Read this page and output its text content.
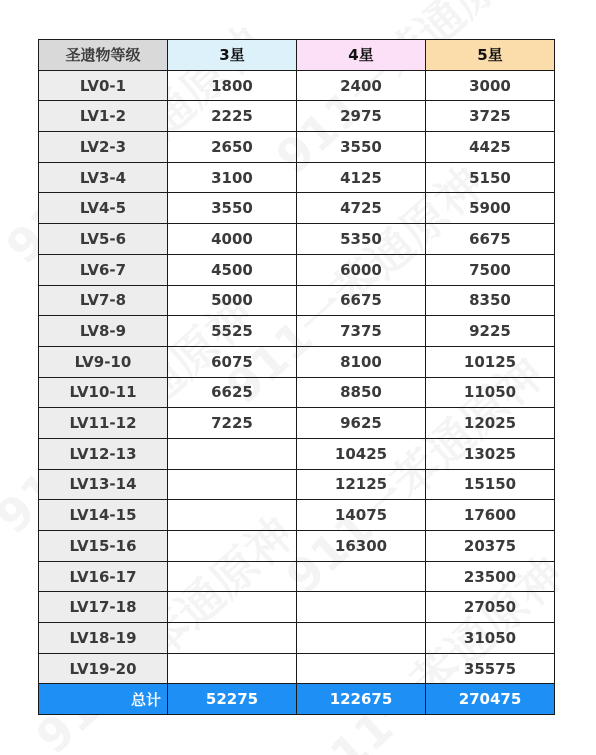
圣遗物等级	3星	4星	5星
LV0-1	1800	2400	3000
LV1-2	2225	2975	3725
LV2-3	2650	3550	4425
LV3-4	3100	4125	5150
LV4-5	3550	4725	5900
LV5-6	4000	5350	6675
LV6-7	4500	6000	7500
LV7-8	5000	6675	8350
LV8-9	5525	7375	9225
LV9-10	6075	8100	10125
LV10-11	6625	8850	11050
LV11-12	7225	9625	12025
LV12-13		10425	13025
LV13-14		12125	15150
LV14-15		14075	17600
LV15-16		16300	20375
LV16-17			23500
LV17-18			27050
LV18-19			31050
LV19-20			35575
总计	52275	122675	270475
